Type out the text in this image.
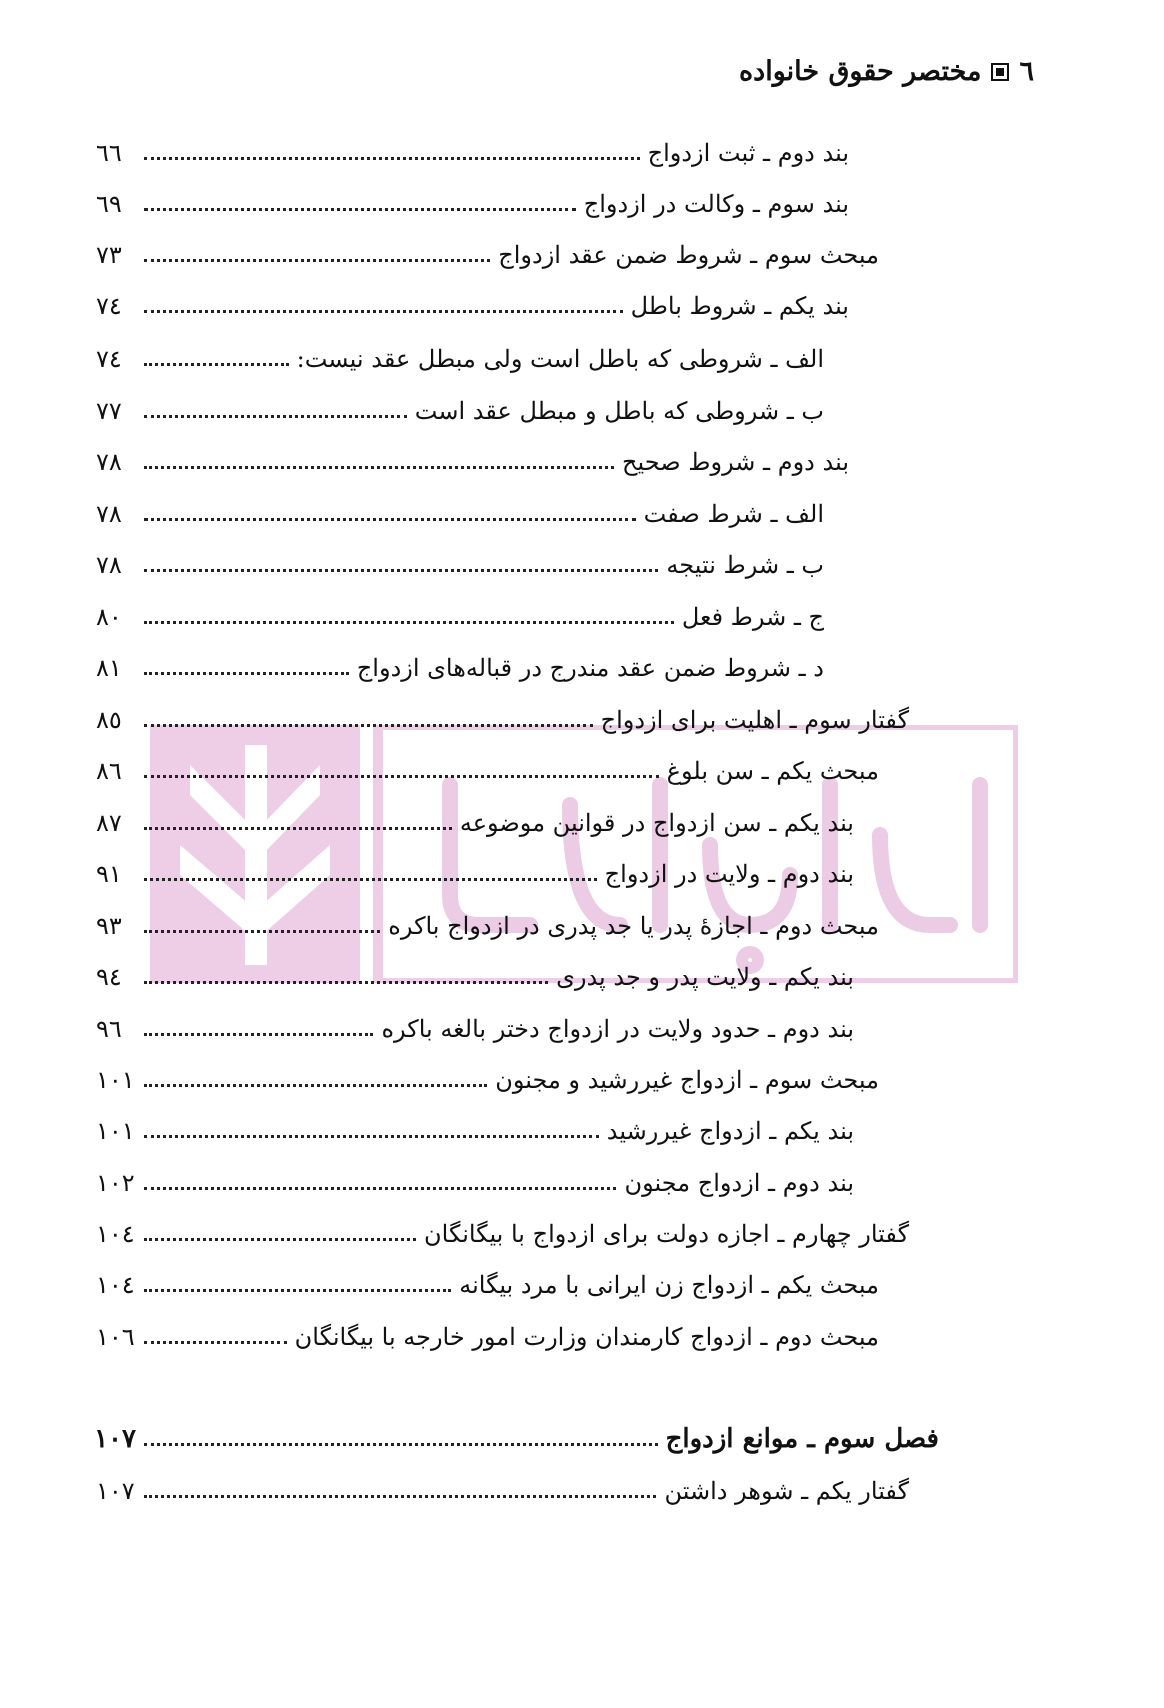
٦
مختصر حقوق خانواده
بند دوم ـ ثبت ازدواج
٦٦
بند سوم ـ وکالت در ازدواج
٦٩
مبحث سوم ـ شروط ضمن عقد ازدواج
٧٣
بند یکم ـ شروط باطل
٧٤
الف ـ شروطی که باطل است ولی مبطل عقد نیست:
٧٤
ب ـ شروطی که باطل و مبطل عقد است
٧٧
بند دوم ـ شروط صحیح
٧٨
الف ـ شرط صفت
٧٨
ب ـ شرط نتیجه
٧٨
ج ـ شرط فعل
٨٠
د ـ شروط ضمن عقد مندرج در قباله‌های ازدواج
٨١
گفتار سوم ـ اهلیت برای ازدواج
٨٥
مبحث یکم ـ سن بلوغ
٨٦
بند یکم ـ سن ازدواج در قوانین موضوعه
٨٧
بند دوم ـ ولایت در ازدواج
٩١
مبحث دوم ـ اجازهٔ پدر یا جد پدری در ازدواج باکره
٩٣
بند یکم ـ ولایت پدر و جد پدری
٩٤
بند دوم ـ حدود ولایت در ازدواج دختر بالغه باکره
٩٦
مبحث سوم ـ ازدواج غیررشید و مجنون
١٠١
بند یکم ـ ازدواج غیررشید
١٠١
بند دوم ـ ازدواج مجنون
١٠٢
گفتار چهارم ـ اجازه دولت برای ازدواج با بیگانگان
١٠٤
مبحث یکم ـ ازدواج زن ایرانی با مرد بیگانه
١٠٤
مبحث دوم ـ ازدواج کارمندان وزارت امور خارجه با بیگانگان
١٠٦
فصل سوم ـ موانع ازدواج
١٠٧
گفتار یکم ـ شوهر داشتن
١٠٧
